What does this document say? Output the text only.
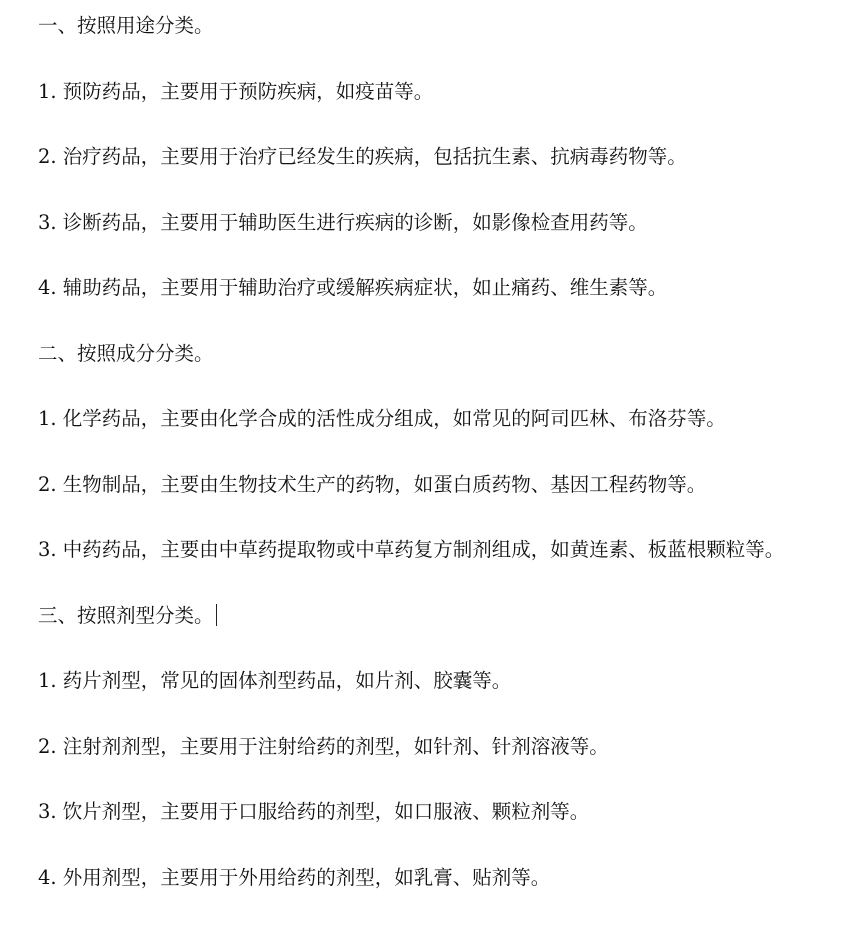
一、按照用途分类。
1. 预防药品，主要用于预防疾病，如疫苗等。
2. 治疗药品，主要用于治疗已经发生的疾病，包括抗生素、抗病毒药物等。
3. 诊断药品，主要用于辅助医生进行疾病的诊断，如影像检查用药等。
4. 辅助药品，主要用于辅助治疗或缓解疾病症状，如止痛药、维生素等。
二、按照成分分类。
1. 化学药品，主要由化学合成的活性成分组成，如常见的阿司匹林、布洛芬等。
2. 生物制品，主要由生物技术生产的药物，如蛋白质药物、基因工程药物等。
3. 中药药品，主要由中草药提取物或中草药复方制剂组成，如黄连素、板蓝根颗粒等。
三、按照剂型分类。
1. 药片剂型，常见的固体剂型药品，如片剂、胶囊等。
2. 注射剂剂型，主要用于注射给药的剂型，如针剂、针剂溶液等。
3. 饮片剂型，主要用于口服给药的剂型，如口服液、颗粒剂等。
4. 外用剂型，主要用于外用给药的剂型，如乳膏、贴剂等。
